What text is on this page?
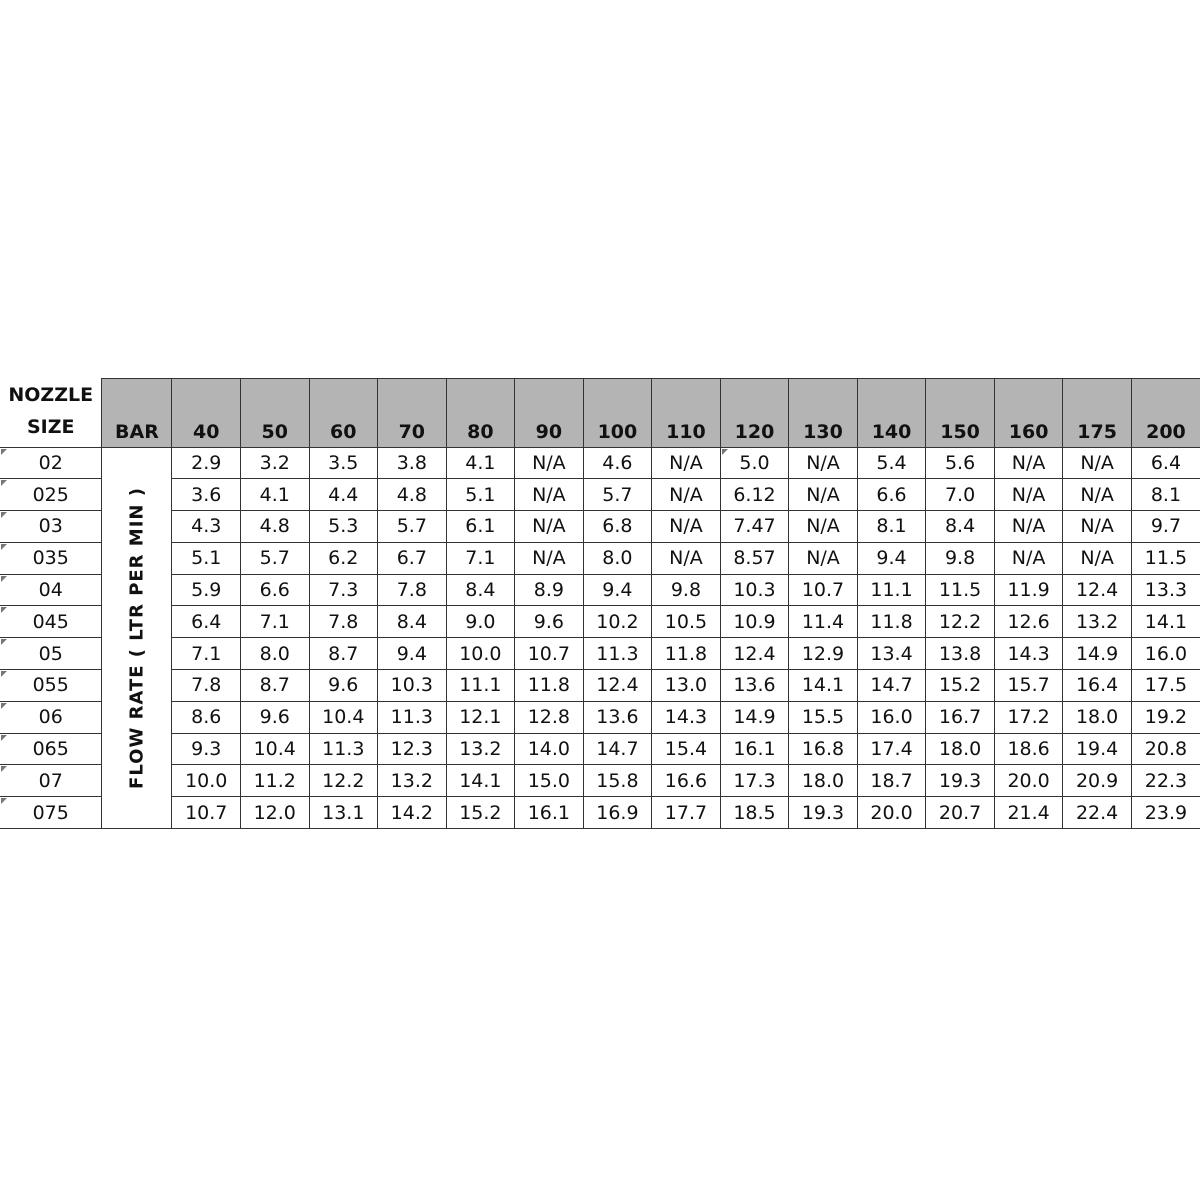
NOZZLE
SIZE	BAR	40	50	60	70	80	90	100	110	120	130	140	150	160	175	200

02	FLOW RATE ( LTR PER MIN )	2.9	3.2	3.5	3.8	4.1	N/A	4.6	N/A	5.0	N/A	5.4	5.6	N/A	N/A	6.4

025		3.6	4.1	4.4	4.8	5.1	N/A	5.7	N/A	6.12	N/A	6.6	7.0	N/A	N/A	8.1

03		4.3	4.8	5.3	5.7	6.1	N/A	6.8	N/A	7.47	N/A	8.1	8.4	N/A	N/A	9.7

035		5.1	5.7	6.2	6.7	7.1	N/A	8.0	N/A	8.57	N/A	9.4	9.8	N/A	N/A	11.5

04		5.9	6.6	7.3	7.8	8.4	8.9	9.4	9.8	10.3	10.7	11.1	11.5	11.9	12.4	13.3

045		6.4	7.1	7.8	8.4	9.0	9.6	10.2	10.5	10.9	11.4	11.8	12.2	12.6	13.2	14.1

05		7.1	8.0	8.7	9.4	10.0	10.7	11.3	11.8	12.4	12.9	13.4	13.8	14.3	14.9	16.0

055		7.8	8.7	9.6	10.3	11.1	11.8	12.4	13.0	13.6	14.1	14.7	15.2	15.7	16.4	17.5

06		8.6	9.6	10.4	11.3	12.1	12.8	13.6	14.3	14.9	15.5	16.0	16.7	17.2	18.0	19.2

065		9.3	10.4	11.3	12.3	13.2	14.0	14.7	15.4	16.1	16.8	17.4	18.0	18.6	19.4	20.8

07		10.0	11.2	12.2	13.2	14.1	15.0	15.8	16.6	17.3	18.0	18.7	19.3	20.0	20.9	22.3

075		10.7	12.0	13.1	14.2	15.2	16.1	16.9	17.7	18.5	19.3	20.0	20.7	21.4	22.4	23.9
